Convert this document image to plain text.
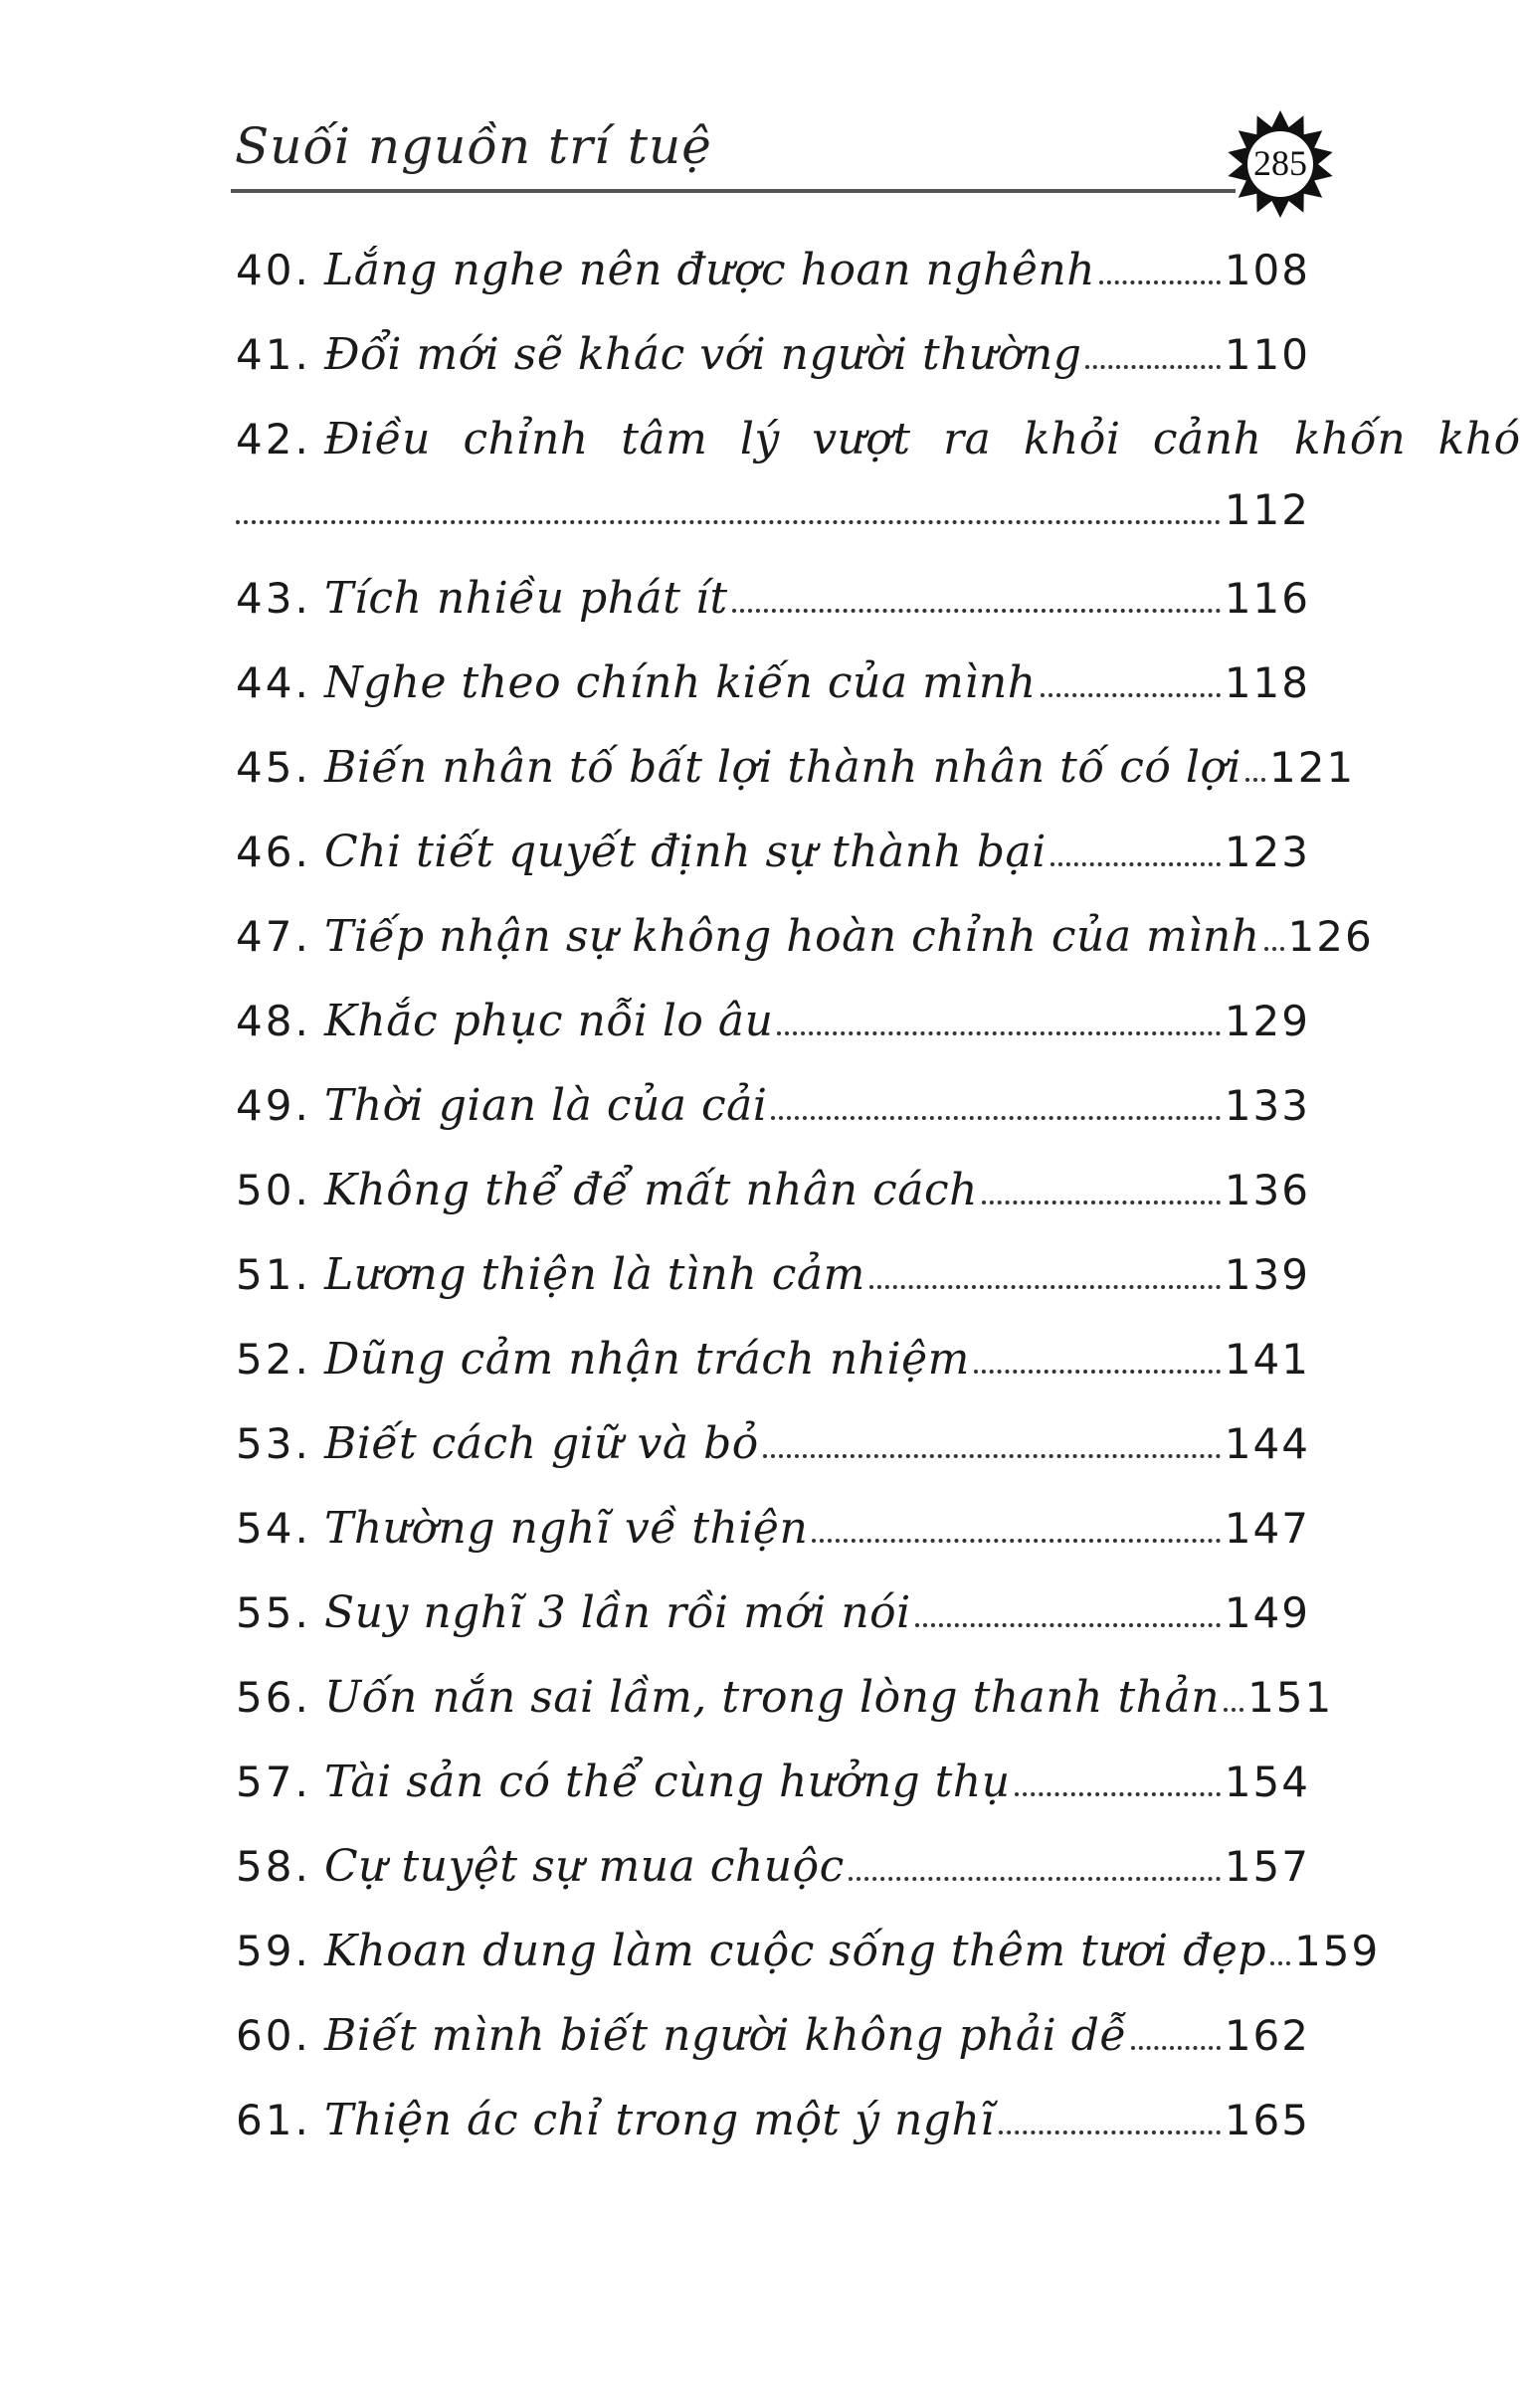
Suối nguồn trí tuệ	285
40. Lắng nghe nên được hoan nghênh	108
41. Đổi mới sẽ khác với người thường	110
42. Điều chỉnh tâm lý vượt ra khỏi cảnh khốn khó
112
43. Tích nhiều phát ít	116
44. Nghe theo chính kiến của mình	118
45. Biến nhân tố bất lợi thành nhân tố có lợi 121
46. Chi tiết quyết định sự thành bại	123
47. Tiếp nhận sự không hoàn chỉnh của mình 126
48. Khắc phục nỗi lo âu	129
49. Thời gian là của cải	133
50. Không thể để mất nhân cách	136
51. Lương thiện là tình cảm	139
52. Dũng cảm nhận trách nhiệm	141
53. Biết cách giữ và bỏ	144
54. Thường nghĩ về thiện	147
55. Suy nghĩ 3 lần rồi mới nói	149
56. Uốn nắn sai lầm, trong lòng thanh thản 151
57. Tài sản có thể cùng hưởng thụ	154
58. Cự tuyệt sự mua chuộc	157
59. Khoan dung làm cuộc sống thêm tươi đẹp 159
60. Biết mình biết người không phải dễ 162
61. Thiện ác chỉ trong một ý nghĩ	165
